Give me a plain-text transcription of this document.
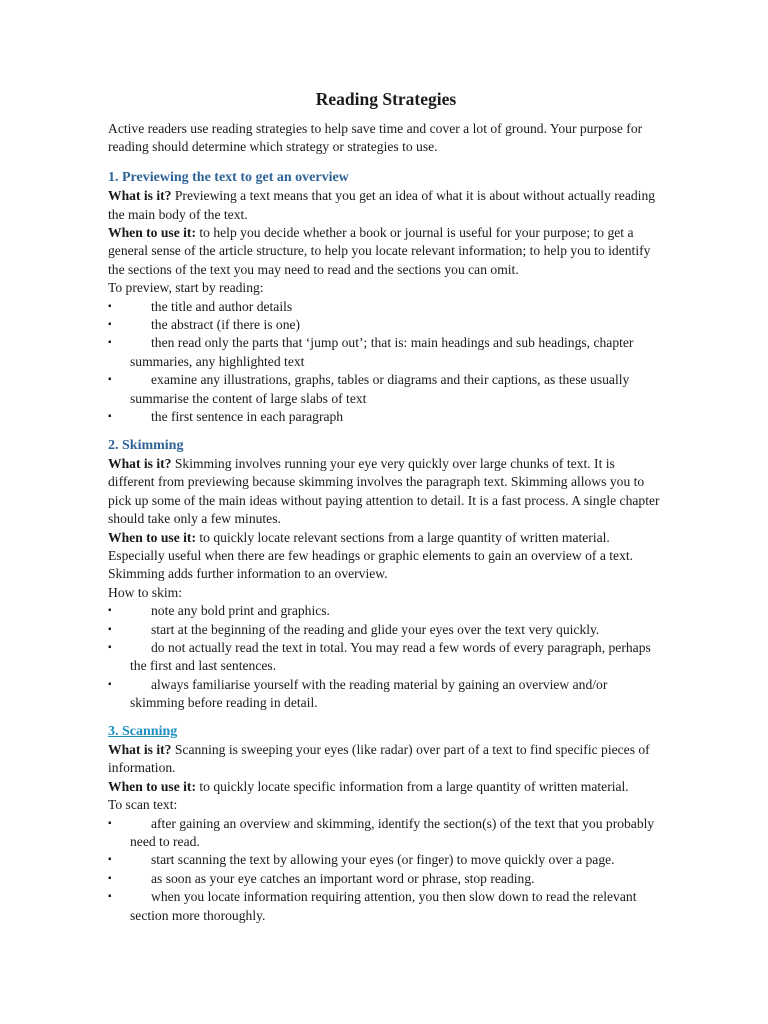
Reading Strategies

Active readers use reading strategies to help save time and cover a lot of ground. Your purpose for reading should determine which strategy or strategies to use.

1. Previewing the text to get an overview

What is it? Previewing a text means that you get an idea of what it is about without actually reading the main body of the text.

When to use it: to help you decide whether a book or journal is useful for your purpose; to get a general sense of the article structure, to help you locate relevant information; to help you to identify the sections of the text you may need to read and the sections you can omit.

To preview, start by reading:

▪	the title and author details
▪	the abstract (if there is one)
▪	then read only the parts that ‘jump out’; that is: main headings and sub headings, chapter summaries, any highlighted text
▪	examine any illustrations, graphs, tables or diagrams and their captions, as these usually summarise the content of large slabs of text
▪	the first sentence in each paragraph
2. Skimming

What is it? Skimming involves running your eye very quickly over large chunks of text. It is different from previewing because skimming involves the paragraph text. Skimming allows you to pick up some of the main ideas without paying attention to detail. It is a fast process. A single chapter should take only a few minutes.

When to use it: to quickly locate relevant sections from a large quantity of written material. Especially useful when there are few headings or graphic elements to gain an overview of a text. Skimming adds further information to an overview.

How to skim:

▪	note any bold print and graphics.
▪	start at the beginning of the reading and glide your eyes over the text very quickly.
▪	do not actually read the text in total. You may read a few words of every paragraph, perhaps the first and last sentences.
▪	always familiarise yourself with the reading material by gaining an overview and/or skimming before reading in detail.
3. Scanning

What is it? Scanning is sweeping your eyes (like radar) over part of a text to find specific pieces of information.

When to use it: to quickly locate specific information from a large quantity of written material.

To scan text:

▪	after gaining an overview and skimming, identify the section(s) of the text that you probably need to read.
▪	start scanning the text by allowing your eyes (or finger) to move quickly over a page.
▪	as soon as your eye catches an important word or phrase, stop reading.
▪	when you locate information requiring attention, you then slow down to read the relevant section more thoroughly.
